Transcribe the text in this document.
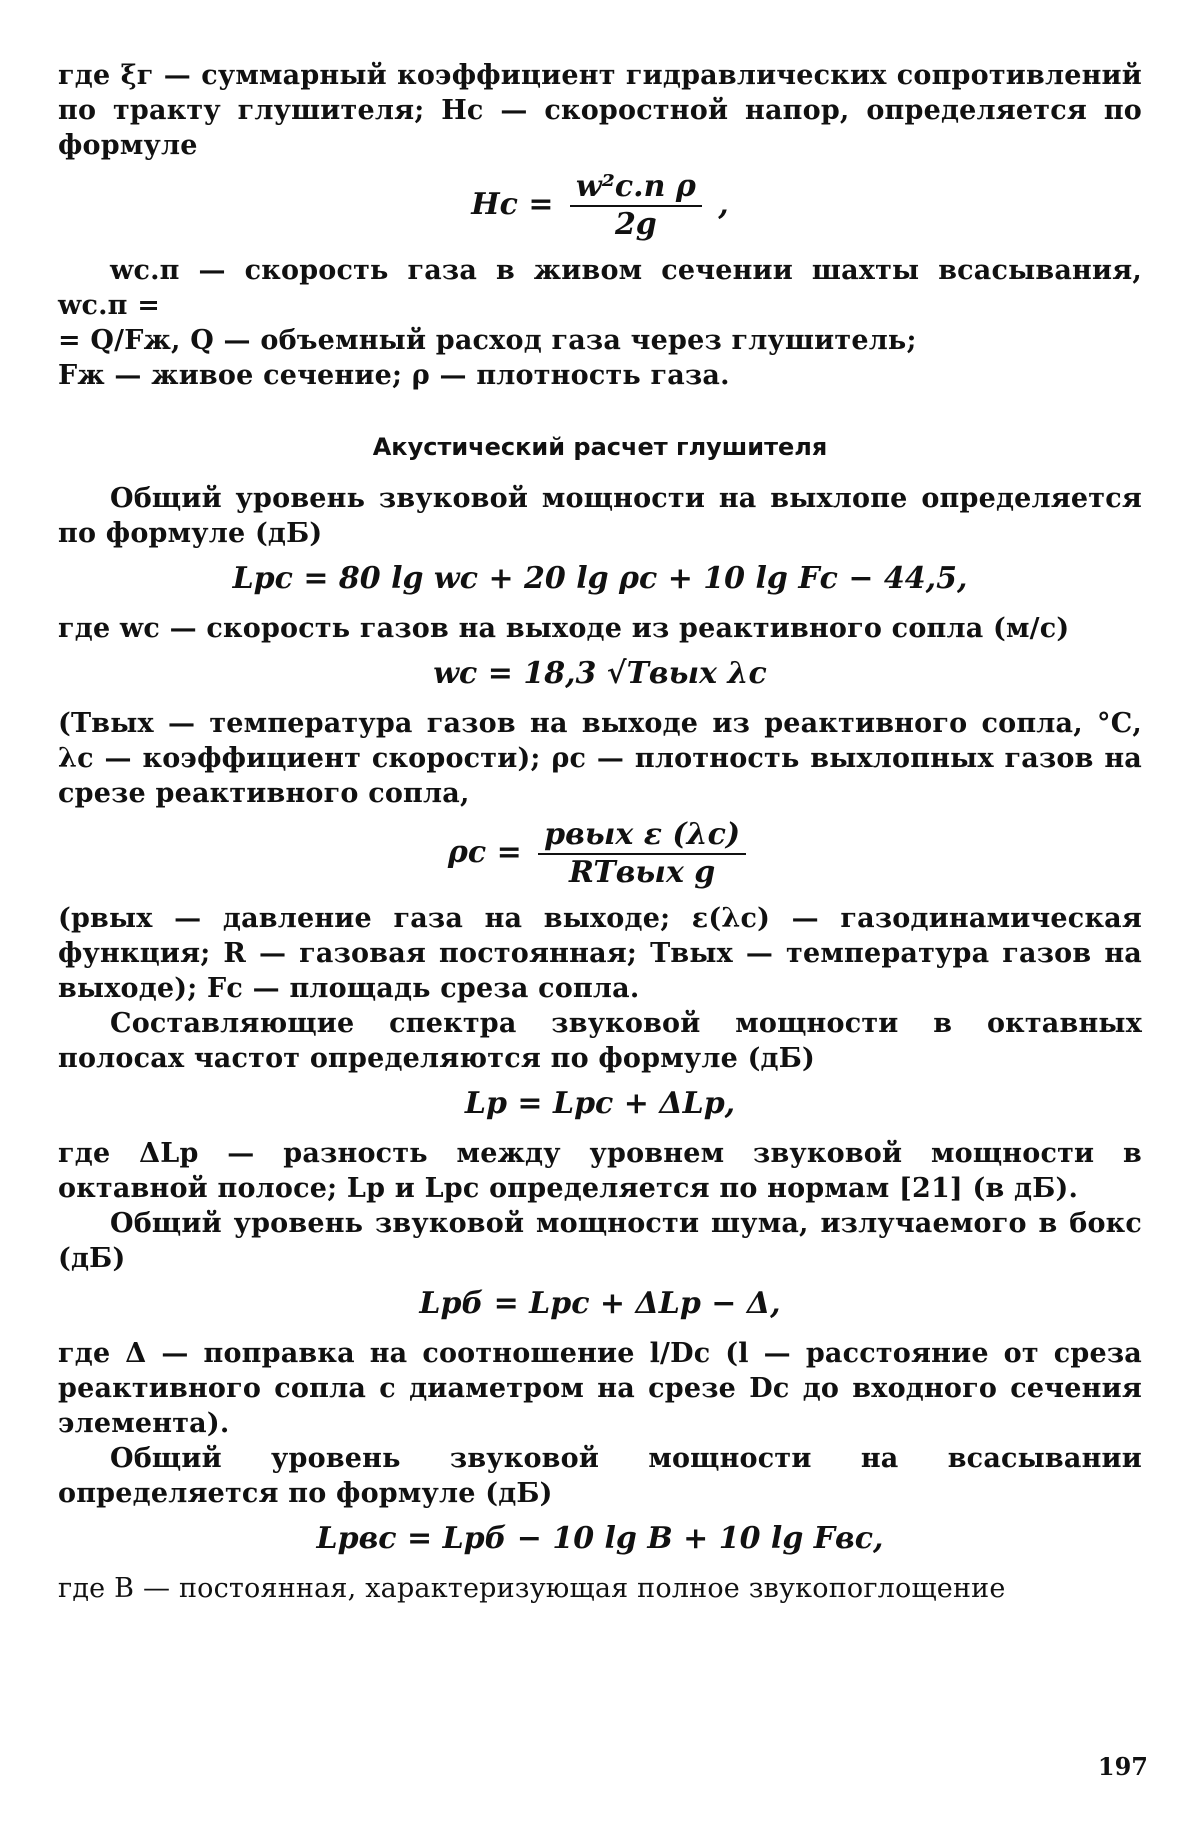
где ξг — суммарный коэффициент гидравлических сопротивлений по тракту глушителя; Hс — скоростной напор, определяется по формуле

Hс = $\frac{\text{w²с.п ρ}}{2g}$ ,

wс.п — скорость газа в живом сечении шахты всасывания, wс.п =

= Q/Fж, Q — объемный расход газа через глушитель;

Fж — живое сечение; ρ — плотность газа.

Акустический расчет глушителя

Общий уровень звуковой мощности на выхлопе определяется по формуле (дБ)

Lрс = 80 lg wс + 20 lg ρс + 10 lg Fс − 44,5,

где wс — скорость газов на выходе из реактивного сопла (м/с)

wс = 18,3 √Tвых λс

(Tвых — температура газов на выходе из реактивного сопла, °С, λс — коэффициент скорости); ρс — плотность выхлопных газов на срезе реактивного сопла,

$\rho с = \frac{\text{pвых ε (λс)}}{\text{RTвых g}}$

(pвых — давление газа на выходе; ε(λс) — газодинамическая функция; R — газовая постоянная; Tвых — температура газов на выходе); Fс — площадь среза сопла.

Составляющие спектра звуковой мощности в октавных полосах частот определяются по формуле (дБ)

Lр = Lрс + ΔLр,

где ΔLр — разность между уровнем звуковой мощности в октавной полосе; Lр и Lрс определяется по нормам [21] (в дБ).

Общий уровень звуковой мощности шума, излучаемого в бокс (дБ)

Lрб = Lрс + ΔLр − Δ,

где Δ — поправка на соотношение l/Dс (l — расстояние от среза реактивного сопла с диаметром на срезе Dс до входного сечения элемента).

Общий уровень звуковой мощности на всасывании определяется по формуле (дБ)

Lрвс = Lрб − 10 lg B + 10 lg Fвс,

где B — постоянная, характеризующая полное звукопоглощение

197
